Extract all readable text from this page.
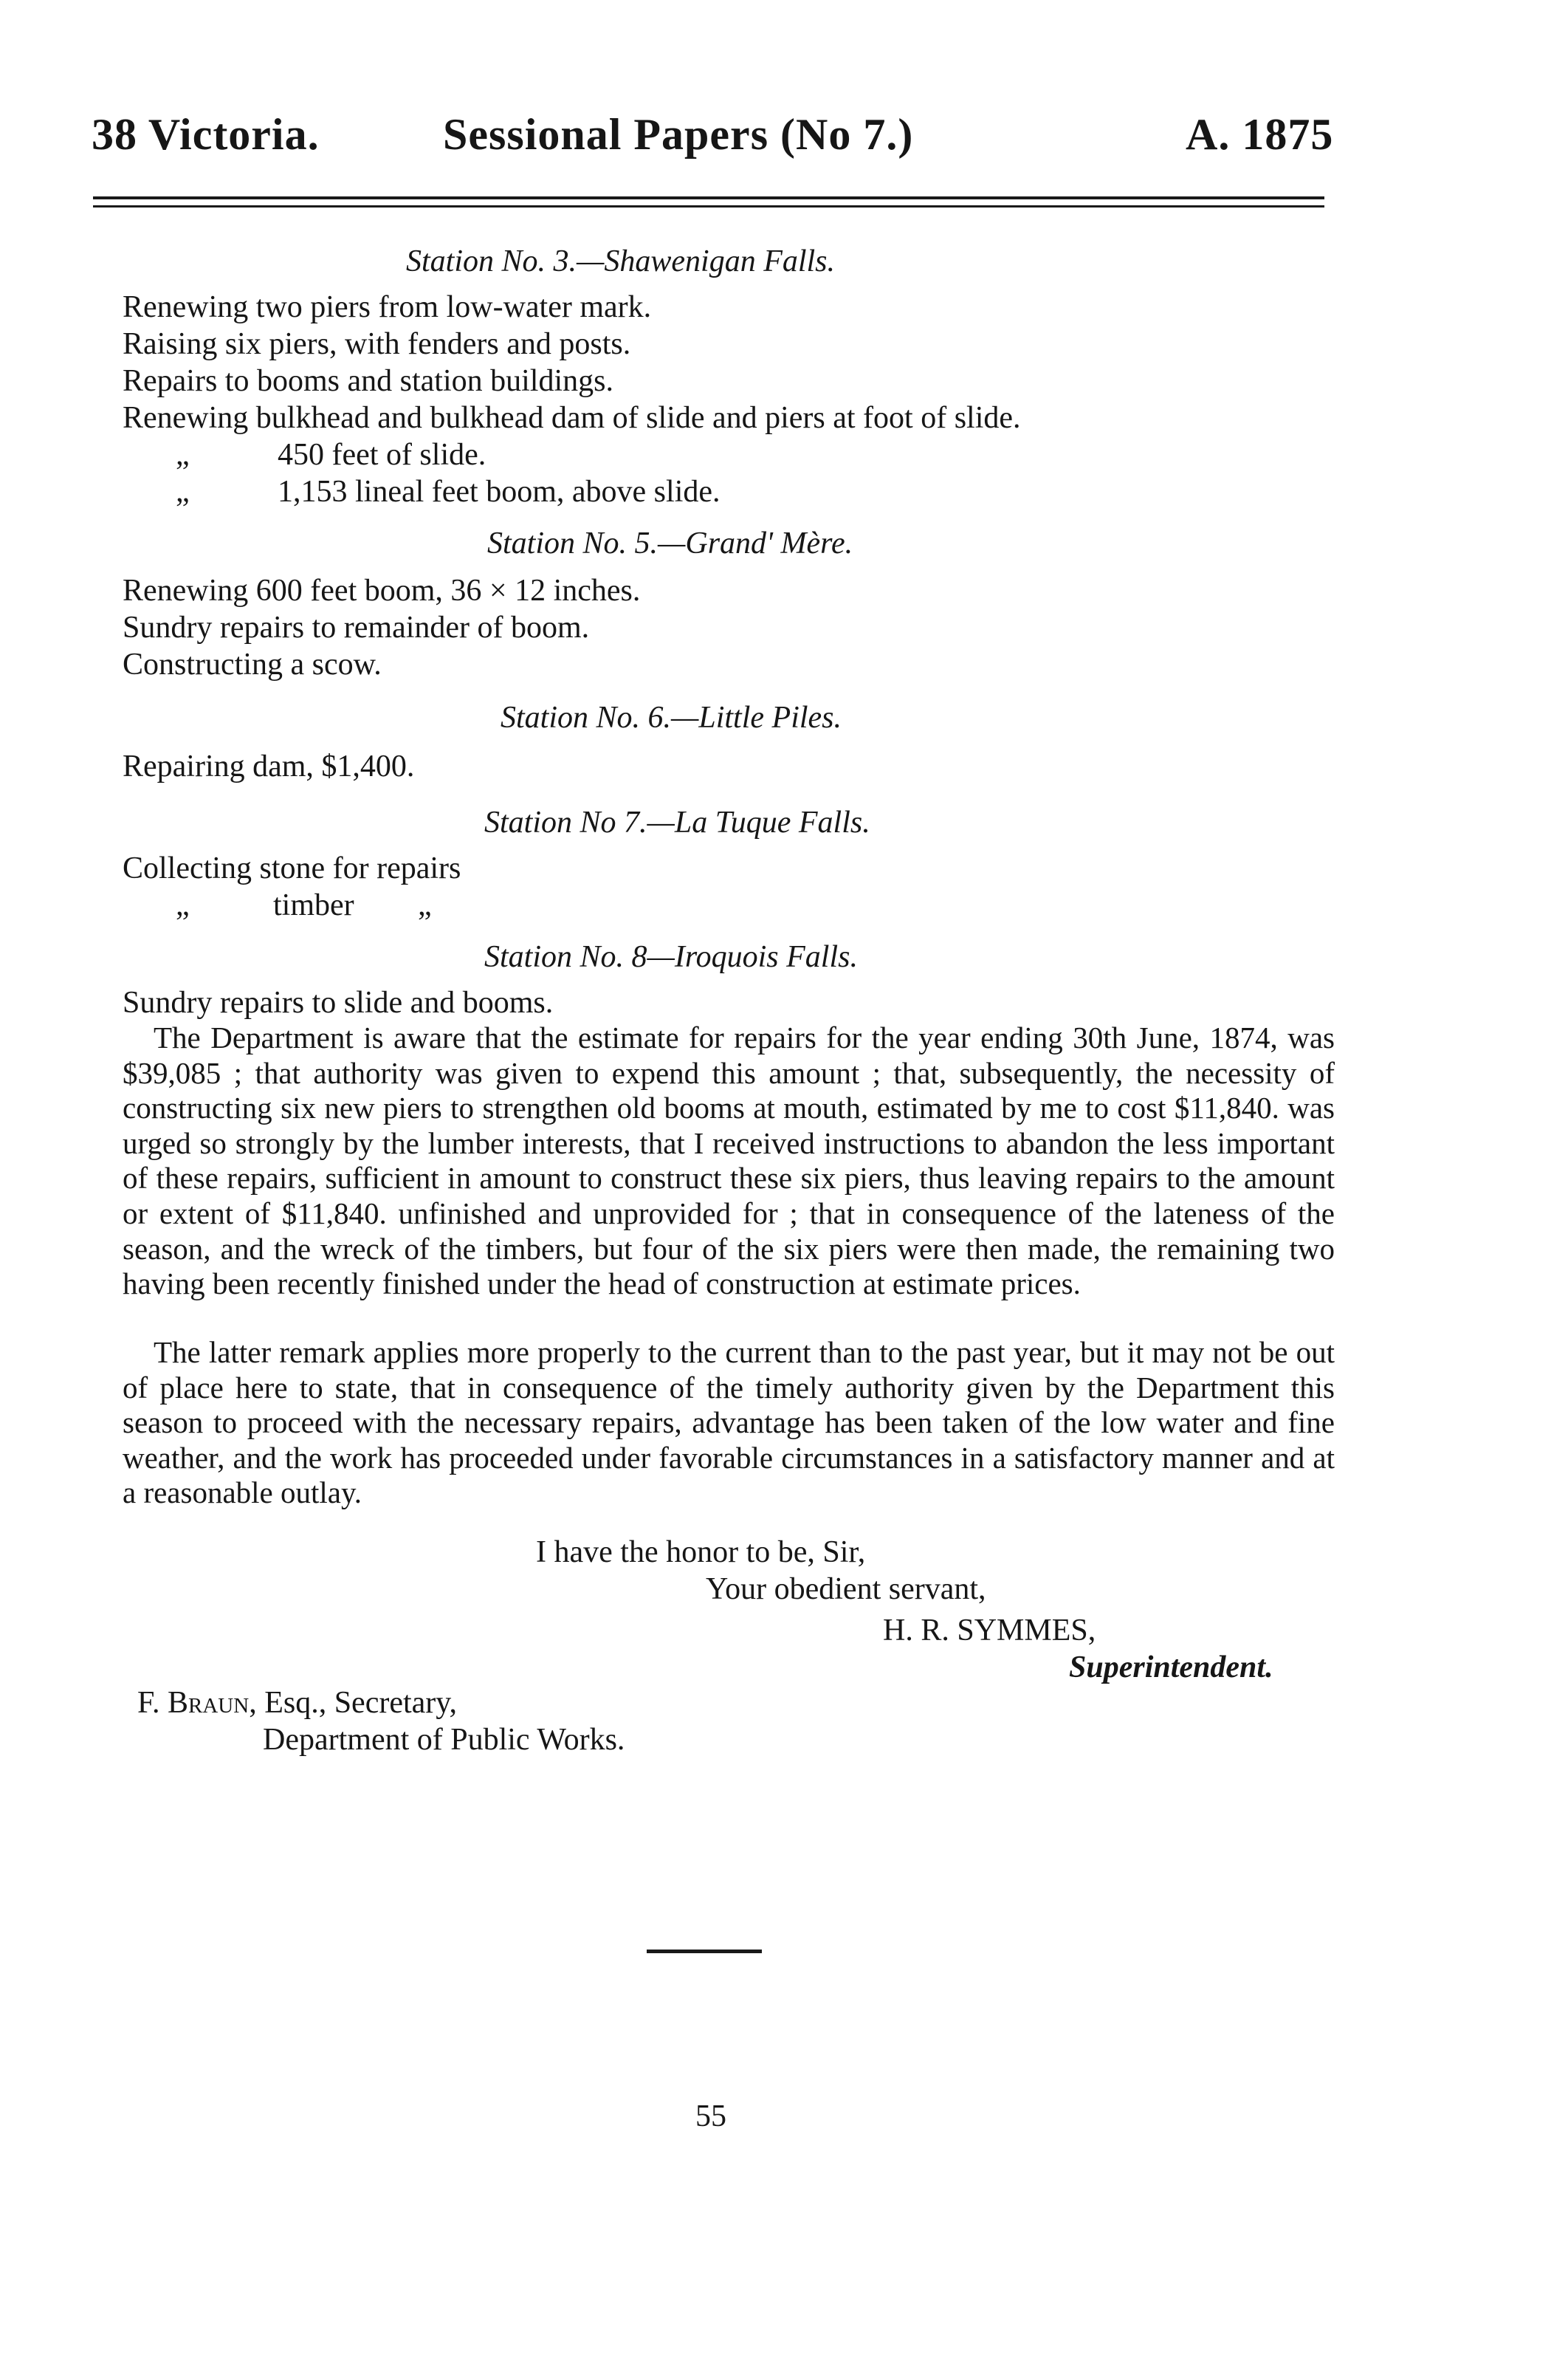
38 Victoria.	Sessional Papers (No 7.)	A. 1875
Station No. 3.—Shawenigan Falls.
Renewing two piers from low-water mark.
Raising six piers, with fenders and posts.
Repairs to booms and station buildings.
Renewing bulkhead and bulkhead dam of slide and piers at foot of slide.
„	450 feet of slide.
„	1,153 lineal feet boom, above slide.
Station No. 5.—Grand' Mère.
Renewing 600 feet boom, 36 × 12 inches.
Sundry repairs to remainder of boom.
Constructing a scow.
Station No. 6.—Little Piles.
Repairing dam, $1,400.
Station No 7.—La Tuque Falls.
Collecting stone for repairs
„	timber „
Station No. 8—Iroquois Falls.
Sundry repairs to slide and booms.
The Department is aware that the estimate for repairs for the year ending 30th June, 1874, was $39,085 ; that authority was given to expend this amount ; that, subsequently, the necessity of constructing six new piers to strengthen old booms at mouth, estimated by me to cost $11,840. was urged so strongly by the lumber interests, that I received instructions to abandon the less important of these repairs, sufficient in amount to construct these six piers, thus leaving repairs to the amount or extent of $11,840. unfinished and unprovided for ; that in consequence of the lateness of the season, and the wreck of the timbers, but four of the six piers were then made, the remaining two having been recently finished under the head of construction at estimate prices.
The latter remark applies more properly to the current than to the past year, but it may not be out of place here to state, that in consequence of the timely authority given by the Department this season to proceed with the necessary repairs, advantage has been taken of the low water and fine weather, and the work has proceeded under favorable circumstances in a satisfactory manner and at a reasonable outlay.
I have the honor to be, Sir,
Your obedient servant,
H. R. SYMMES,
Superintendent.
F. Braun, Esq., Secretary,
Department of Public Works.
55
